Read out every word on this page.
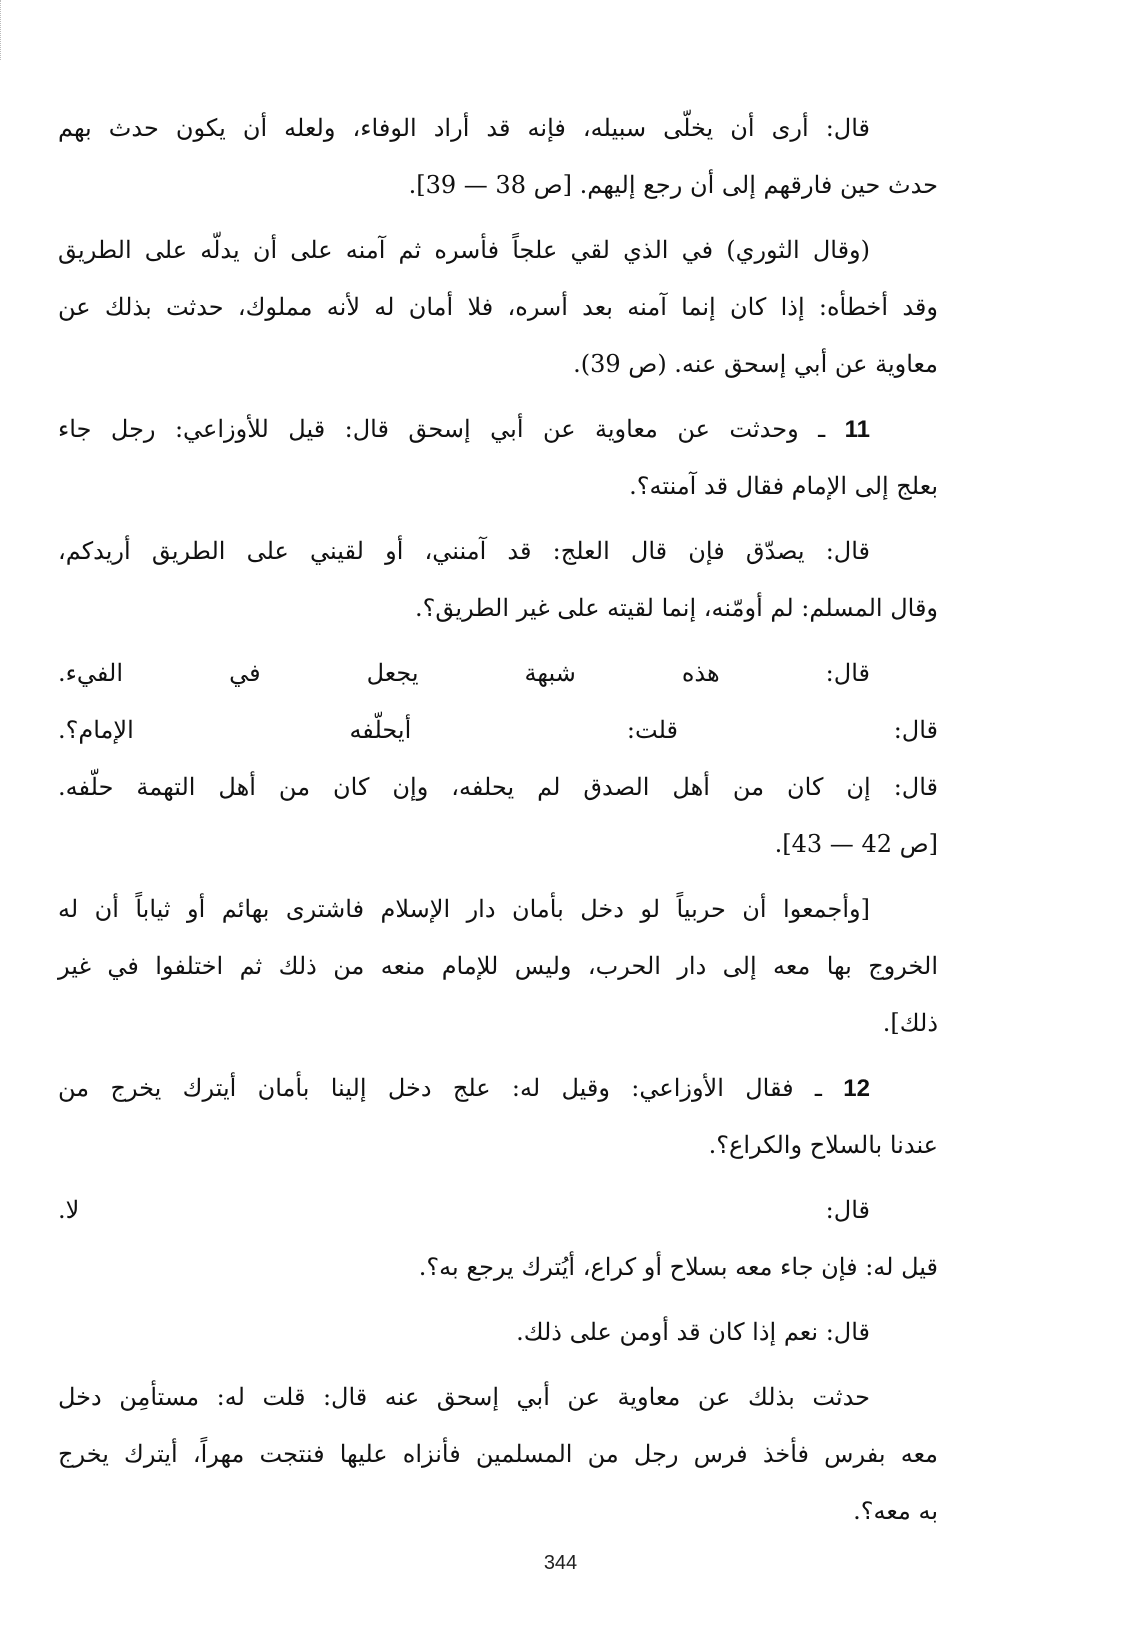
قال: أرى أن يخلّى سبيله، فإنه قد أراد الوفاء، ولعله أن يكون حدث بهم

حدث حين فارقهم إلى أن رجع إليهم. [ص 38 — 39].

(وقال الثوري) في الذي لقي علجاً فأسره ثم آمنه على أن يدلّه على الطريق

وقد أخطأه: إذا كان إنما آمنه بعد أسره، فلا أمان له لأنه مملوك، حدثت بذلك عن

معاوية عن أبي إسحق عنه. (ص 39).

11 ـ وحدثت عن معاوية عن أبي إسحق قال: قيل للأوزاعي: رجل جاء

بعلج إلى الإمام فقال قد آمنته؟.

قال: يصدّق فإن قال العلج: قد آمنني، أو لقيني على الطريق أريدكم،

وقال المسلم: لم أومّنه، إنما لقيته على غير الطريق؟.

قال: هذه شبهة يجعل في الفيء.

قال: قلت: أيحلّفه الإمام؟.

قال: إن كان من أهل الصدق لم يحلفه، وإن كان من أهل التهمة حلّفه.

[ص 42 — 43].

[وأجمعوا أن حربياً لو دخل بأمان دار الإسلام فاشترى بهائم أو ثياباً أن له

الخروج بها معه إلى دار الحرب، وليس للإمام منعه من ذلك ثم اختلفوا في غير

ذلك].

12 ـ فقال الأوزاعي: وقيل له: علج دخل إلينا بأمان أيترك يخرج من

عندنا بالسلاح والكراع؟.

قال: لا.

قيل له: فإن جاء معه بسلاح أو كراع، أيُترك يرجع به؟.

قال: نعم إذا كان قد أومن على ذلك.

حدثت بذلك عن معاوية عن أبي إسحق عنه قال: قلت له: مستأمِن دخل

معه بفرس فأخذ فرس رجل من المسلمين فأنزاه عليها فنتجت مهراً، أيترك يخرج

به معه؟.

344
